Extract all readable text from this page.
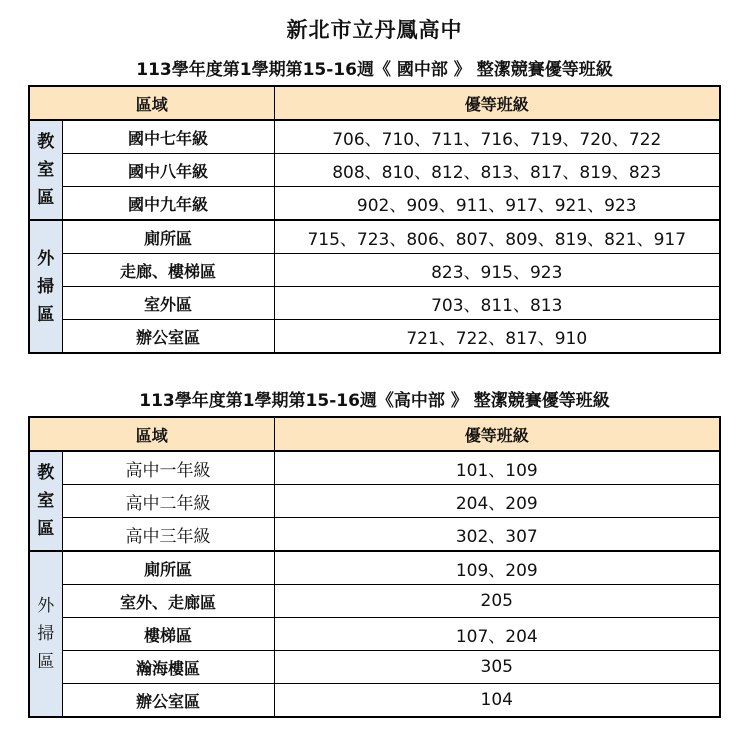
新北市立丹鳳高中
113學年度第1學期第15-16週《 國中部 》 整潔競賽優等班級
區域		優等班級

教
室
區	國中七年級	706、710、711、716、719、720、722
	國中八年級	808、810、812、813、817、819、823
	國中九年級	902、909、911、917、921、923

外
掃
區	廁所區	715、723、806、807、809、819、821、917
	走廊、樓梯區	823、915、923
	室外區	703、811、813
	辦公室區	721、722、817、910
113學年度第1學期第15-16週《高中部 》 整潔競賽優等班級
區域		優等班級

教
室
區	高中一年級	101、109
	高中二年級	204、209
	高中三年級	302、307

外
掃
區	廁所區	109、209
	室外、走廊區	205
	樓梯區	107、204
	瀚海樓區	305
	辦公室區	104
